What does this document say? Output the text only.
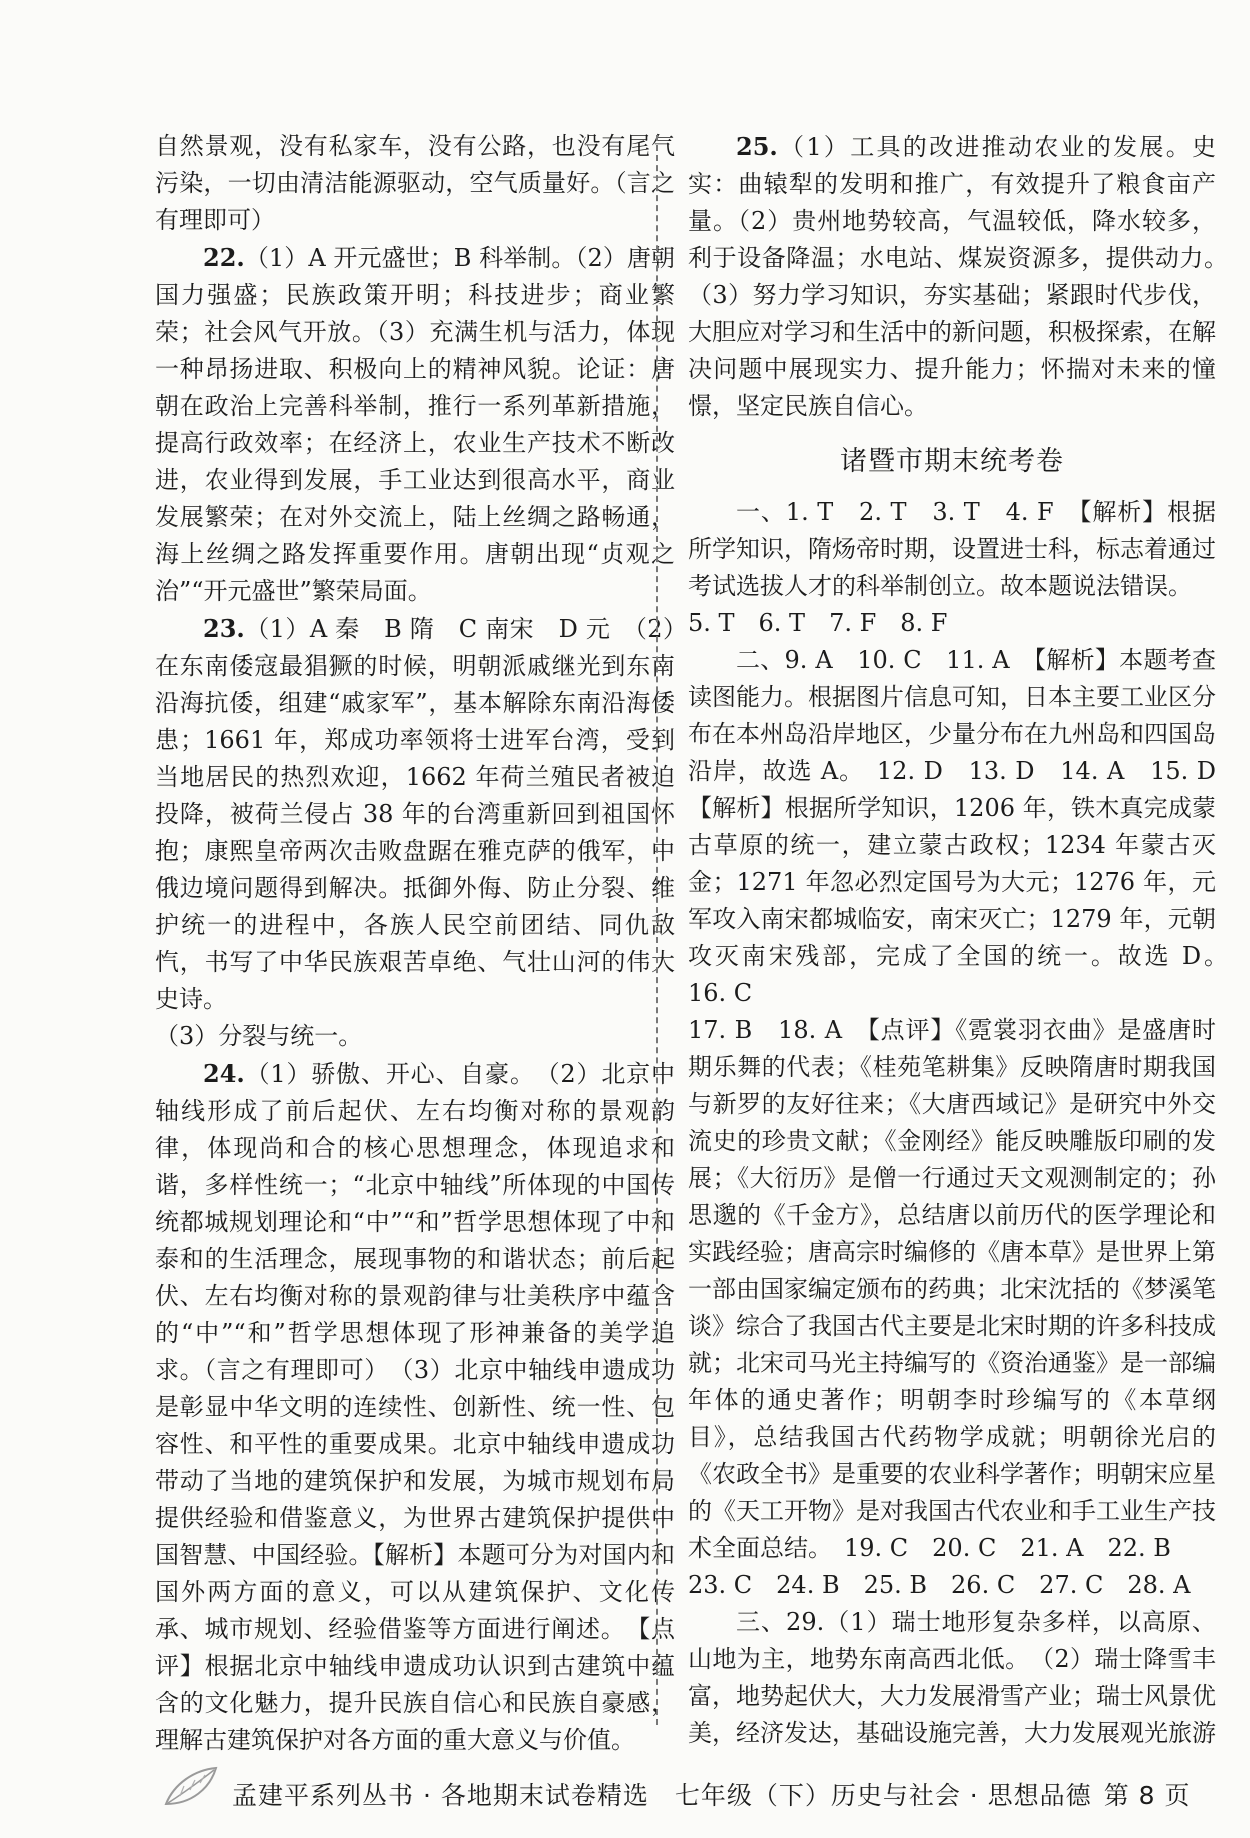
自然景观，没有私家车，没有公路，也没有尾气污染，一切由清洁能源驱动，空气质量好。（言之有理即可）

22.（1）A 开元盛世；B 科举制。（2）唐朝国力强盛；民族政策开明；科技进步；商业繁荣；社会风气开放。（3）充满生机与活力，体现一种昂扬进取、积极向上的精神风貌。论证：唐朝在政治上完善科举制，推行一系列革新措施，提高行政效率；在经济上，农业生产技术不断改进，农业得到发展，手工业达到很高水平，商业发展繁荣；在对外交流上，陆上丝绸之路畅通，海上丝绸之路发挥重要作用。唐朝出现“贞观之治”“开元盛世”繁荣局面。

23.（1）A 秦　B 隋　C 南宋　D 元　（2）在东南倭寇最猖獗的时候，明朝派戚继光到东南沿海抗倭，组建“戚家军”，基本解除东南沿海倭患；1661 年，郑成功率领将士进军台湾，受到当地居民的热烈欢迎，1662 年荷兰殖民者被迫投降，被荷兰侵占 38 年的台湾重新回到祖国怀抱；康熙皇帝两次击败盘踞在雅克萨的俄军，中俄边境问题得到解决。抵御外侮、防止分裂、维护统一的进程中，各族人民空前团结、同仇敌忾，书写了中华民族艰苦卓绝、气壮山河的伟大史诗。

（3）分裂与统一。

24.（1）骄傲、开心、自豪。　（2）北京中轴线形成了前后起伏、左右均衡对称的景观韵律，体现尚和合的核心思想理念，体现追求和谐，多样性统一；“北京中轴线”所体现的中国传统都城规划理论和“中”“和”哲学思想体现了中和泰和的生活理念，展现事物的和谐状态；前后起伏、左右均衡对称的景观韵律与壮美秩序中蕴含的“中”“和”哲学思想体现了形神兼备的美学追求。（言之有理即可）　（3）北京中轴线申遗成功是彰显中华文明的连续性、创新性、统一性、包容性、和平性的重要成果。北京中轴线申遗成功带动了当地的建筑保护和发展，为城市规划布局提供经验和借鉴意义，为世界古建筑保护提供中国智慧、中国经验。【解析】本题可分为对国内和国外两方面的意义，可以从建筑保护、文化传承、城市规划、经验借鉴等方面进行阐述。　【点评】根据北京中轴线申遗成功认识到古建筑中蕴含的文化魅力，提升民族自信心和民族自豪感，理解古建筑保护对各方面的重大意义与价值。

25.（1）工具的改进推动农业的发展。史实：曲辕犁的发明和推广，有效提升了粮食亩产量。（2）贵州地势较高，气温较低，降水较多，利于设备降温；水电站、煤炭资源多，提供动力。　（3）努力学习知识，夯实基础；紧跟时代步伐，大胆应对学习和生活中的新问题，积极探索，在解决问题中展现实力、提升能力；怀揣对未来的憧憬，坚定民族自信心。

诸暨市期末统考卷

一、1. T　2. T　3. T　4. F　【解析】根据所学知识，隋炀帝时期，设置进士科，标志着通过考试选拔人才的科举制创立。故本题说法错误。

5. T　6. T　7. F　8. F

二、9. A　10. C　11. A　【解析】本题考查读图能力。根据图片信息可知，日本主要工业区分布在本州岛沿岸地区，少量分布在九州岛和四国岛沿岸，故选 A。　12. D　13. D　14. A　15. D　【解析】根据所学知识，1206 年，铁木真完成蒙古草原的统一，建立蒙古政权；1234 年蒙古灭金；1271 年忽必烈定国号为大元；1276 年，元军攻入南宋都城临安，南宋灭亡；1279 年，元朝攻灭南宋残部，完成了全国的统一。故选 D。　16. C

17. B　18. A　【点评】《霓裳羽衣曲》是盛唐时期乐舞的代表；《桂苑笔耕集》反映隋唐时期我国与新罗的友好往来；《大唐西域记》是研究中外交流史的珍贵文献；《金刚经》能反映雕版印刷的发展；《大衍历》是僧一行通过天文观测制定的；孙思邈的《千金方》，总结唐以前历代的医学理论和实践经验；唐高宗时编修的《唐本草》是世界上第一部由国家编定颁布的药典；北宋沈括的《梦溪笔谈》综合了我国古代主要是北宋时期的许多科技成就；北宋司马光主持编写的《资治通鉴》是一部编年体的通史著作；明朝李时珍编写的《本草纲目》，总结我国古代药物学成就；明朝徐光启的《农政全书》是重要的农业科学著作；明朝宋应星的《天工开物》是对我国古代农业和手工业生产技术全面总结。　19. C　20. C　21. A　22. B

23. C　24. B　25. B　26. C　27. C　28. A

三、29.（1）瑞士地形复杂多样，以高原、山地为主，地势东南高西北低。　（2）瑞士降雪丰富，地势起伏大，大力发展滑雪产业；瑞士风景优美，经济发达，基础设施完善，大力发展观光旅游

孟建平系列丛书 · 各地期末试卷精选　七年级（下）历史与社会 · 思想品德 第 8 页
